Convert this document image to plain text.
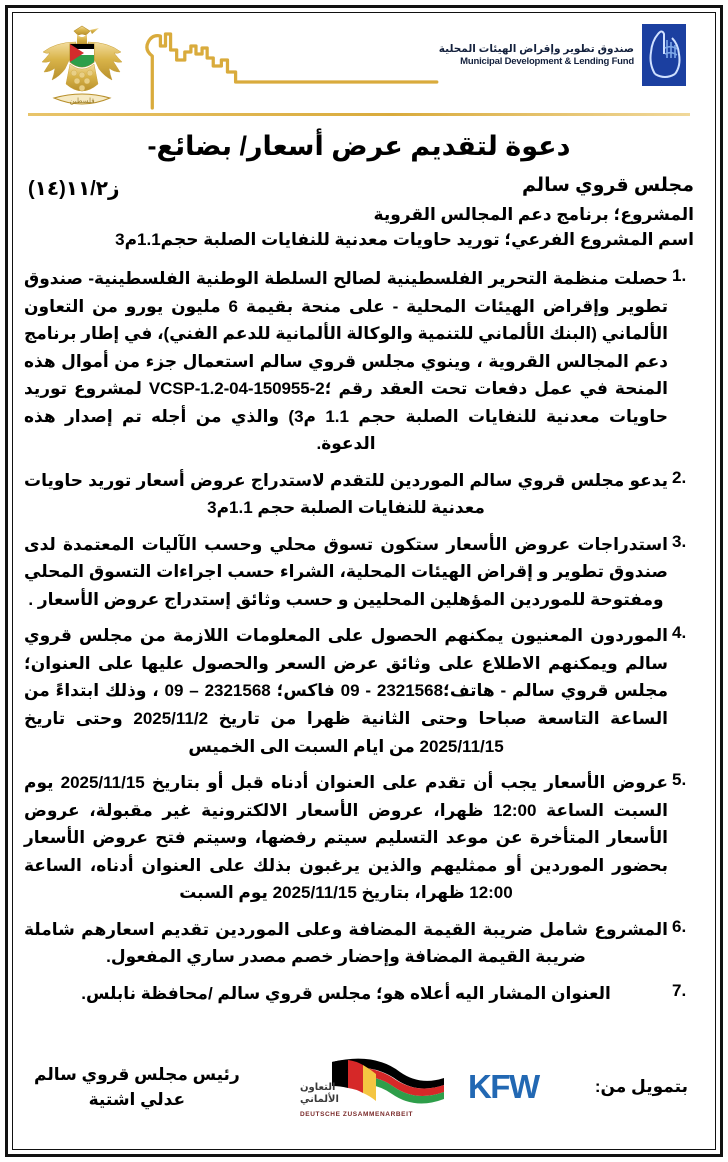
فلسطين
صندوق تطوير وإقراض الهيئات المحلية
Municipal Development & Lending Fund
دعوة لتقديم عرض أسعار/ بضائع-
ز١١/٢(١٤)	مجلس قروي سالم
المشروع؛ برنامج دعم المجالس القروية
اسم المشروع الفرعي؛ توريد حاويات معدنية للنفايات الصلبة حجم1.1م3
1.
حصلت منظمة التحرير الفلسطينية لصالح السلطة الوطنية الفلسطينية- صندوق تطوير وإقراض الهيئات المحلية - على منحة بقيمة 6 مليون يورو من التعاون الألماني (البنك الألماني للتنمية والوكالة الألمانية للدعم الفني)، في إطار برنامج دعم المجالس القروية ، وينوي مجلس قروي سالم استعمال جزء من أموال هذه المنحة في عمل دفعات تحت العقد رقم ؛2-VCSP-1.2-04-150955 لمشروع توريد حاويات معدنية للنفايات الصلبة حجم 1.1 م3) والذي من أجله تم إصدار هذه الدعوة.
2.
يدعو مجلس قروي سالم الموردين للتقدم لاستدراج عروض أسعار توريد حاويات معدنية للنفايات الصلبة حجم 1.1م3
3.
استدراجات عروض الأسعار ستكون تسوق محلي وحسب الآليات المعتمدة لدى صندوق تطوير و إقراض الهيئات المحلية، الشراء حسب اجراءات التسوق المحلي ومفتوحة للموردين المؤهلين المحليين و حسب وثائق إستدراج عروض الأسعار .
4.
الموردون المعنيون يمكنهم الحصول على المعلومات اللازمة من مجلس قروي سالم ويمكنهم الاطلاع على وثائق عرض السعر والحصول عليها على العنوان؛ مجلس قروي سالم - هاتف؛2321568 - 09 فاكس؛ 2321568 – 09 ، وذلك ابتداءً من الساعة التاسعة صباحا وحتى الثانية ظهرا من تاريخ 2025/11/2 وحتى تاريخ 2025/11/15 من ايام السبت الى الخميس
5.
عروض الأسعار يجب أن تقدم على العنوان أدناه قبل أو بتاريخ 2025/11/15 يوم السبت الساعة 12:00 ظهرا، عروض الأسعار الالكترونية غير مقبولة، عروض الأسعار المتأخرة عن موعد التسليم سيتم رفضها، وسيتم فتح عروض الأسعار بحضور الموردين أو ممثليهم والذين يرغبون بذلك على العنوان أدناه، الساعة 12:00 ظهرا، بتاريخ 2025/11/15 يوم السبت
6.
المشروع شامل ضريبة القيمة المضافة وعلى الموردين تقديم اسعارهم شاملة ضريبة القيمة المضافة وإحضار خصم مصدر ساري المفعول.
7.
العنوان المشار اليه أعلاه هو؛ مجلس قروي سالم /محافظة نابلس.
بتمويل من:
التعاون
الألماني
DEUTSCHE ZUSAMMENARBEIT
KFW
رئيس مجلس قروي سالم
عدلي اشتية
